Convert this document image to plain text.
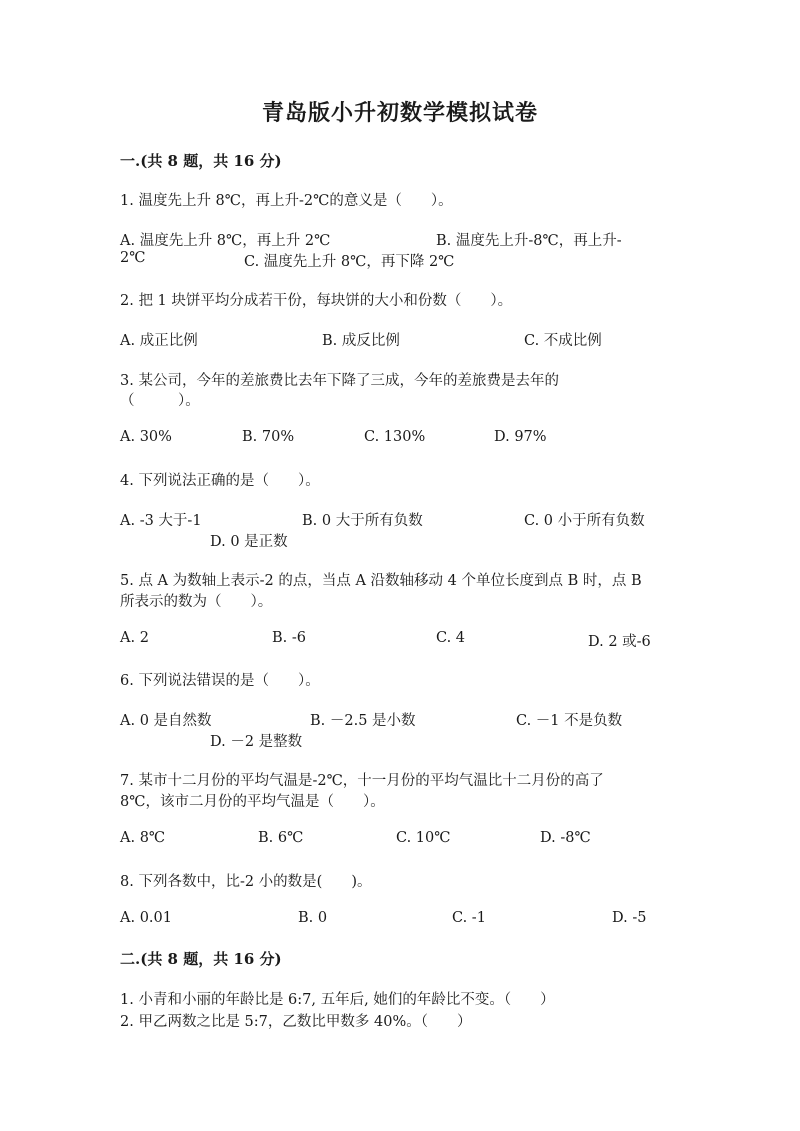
青岛版小升初数学模拟试卷
一.(共 8 题，共 16 分)
1. 温度先上升 8℃，再上升-2℃的意义是（　　）。
A. 温度先上升 8℃，再上升 2℃	B. 温度先上升-8℃，再上升-
2℃	C. 温度先上升 8℃，再下降 2℃
2. 把 1 块饼平均分成若干份，每块饼的大小和份数（　　）。
A. 成正比例	B. 成反比例	C. 不成比例
3. 某公司，今年的差旅费比去年下降了三成，今年的差旅费是去年的
（　　　）。
A. 30%	B. 70%	C. 130%	D. 97%
4. 下列说法正确的是（　　）。
A. -3 大于-1	B. 0 大于所有负数	C. 0 小于所有负数
D. 0 是正数
5. 点 A 为数轴上表示-2 的点，当点 A 沿数轴移动 4 个单位长度到点 B 时，点 B
所表示的数为（　　）。
A. 2	B. -6	C. 4	D. 2 或-6
6. 下列说法错误的是（　　）。
A. 0 是自然数	B. －2.5 是小数	C. －1 不是负数
D. －2 是整数
7. 某市十二月份的平均气温是-2℃，十一月份的平均气温比十二月份的高了
8℃，该市二月份的平均气温是（　　）。
A. 8℃	B. 6℃	C. 10℃	D. -8℃
8. 下列各数中，比-2 小的数是(　　)。
A. 0.01	B. 0	C. -1	D. -5
二.(共 8 题，共 16 分)
1. 小青和小丽的年龄比是 6:7, 五年后, 她们的年龄比不变。（　　）
2. 甲乙两数之比是 5:7，乙数比甲数多 40%。（　　）
